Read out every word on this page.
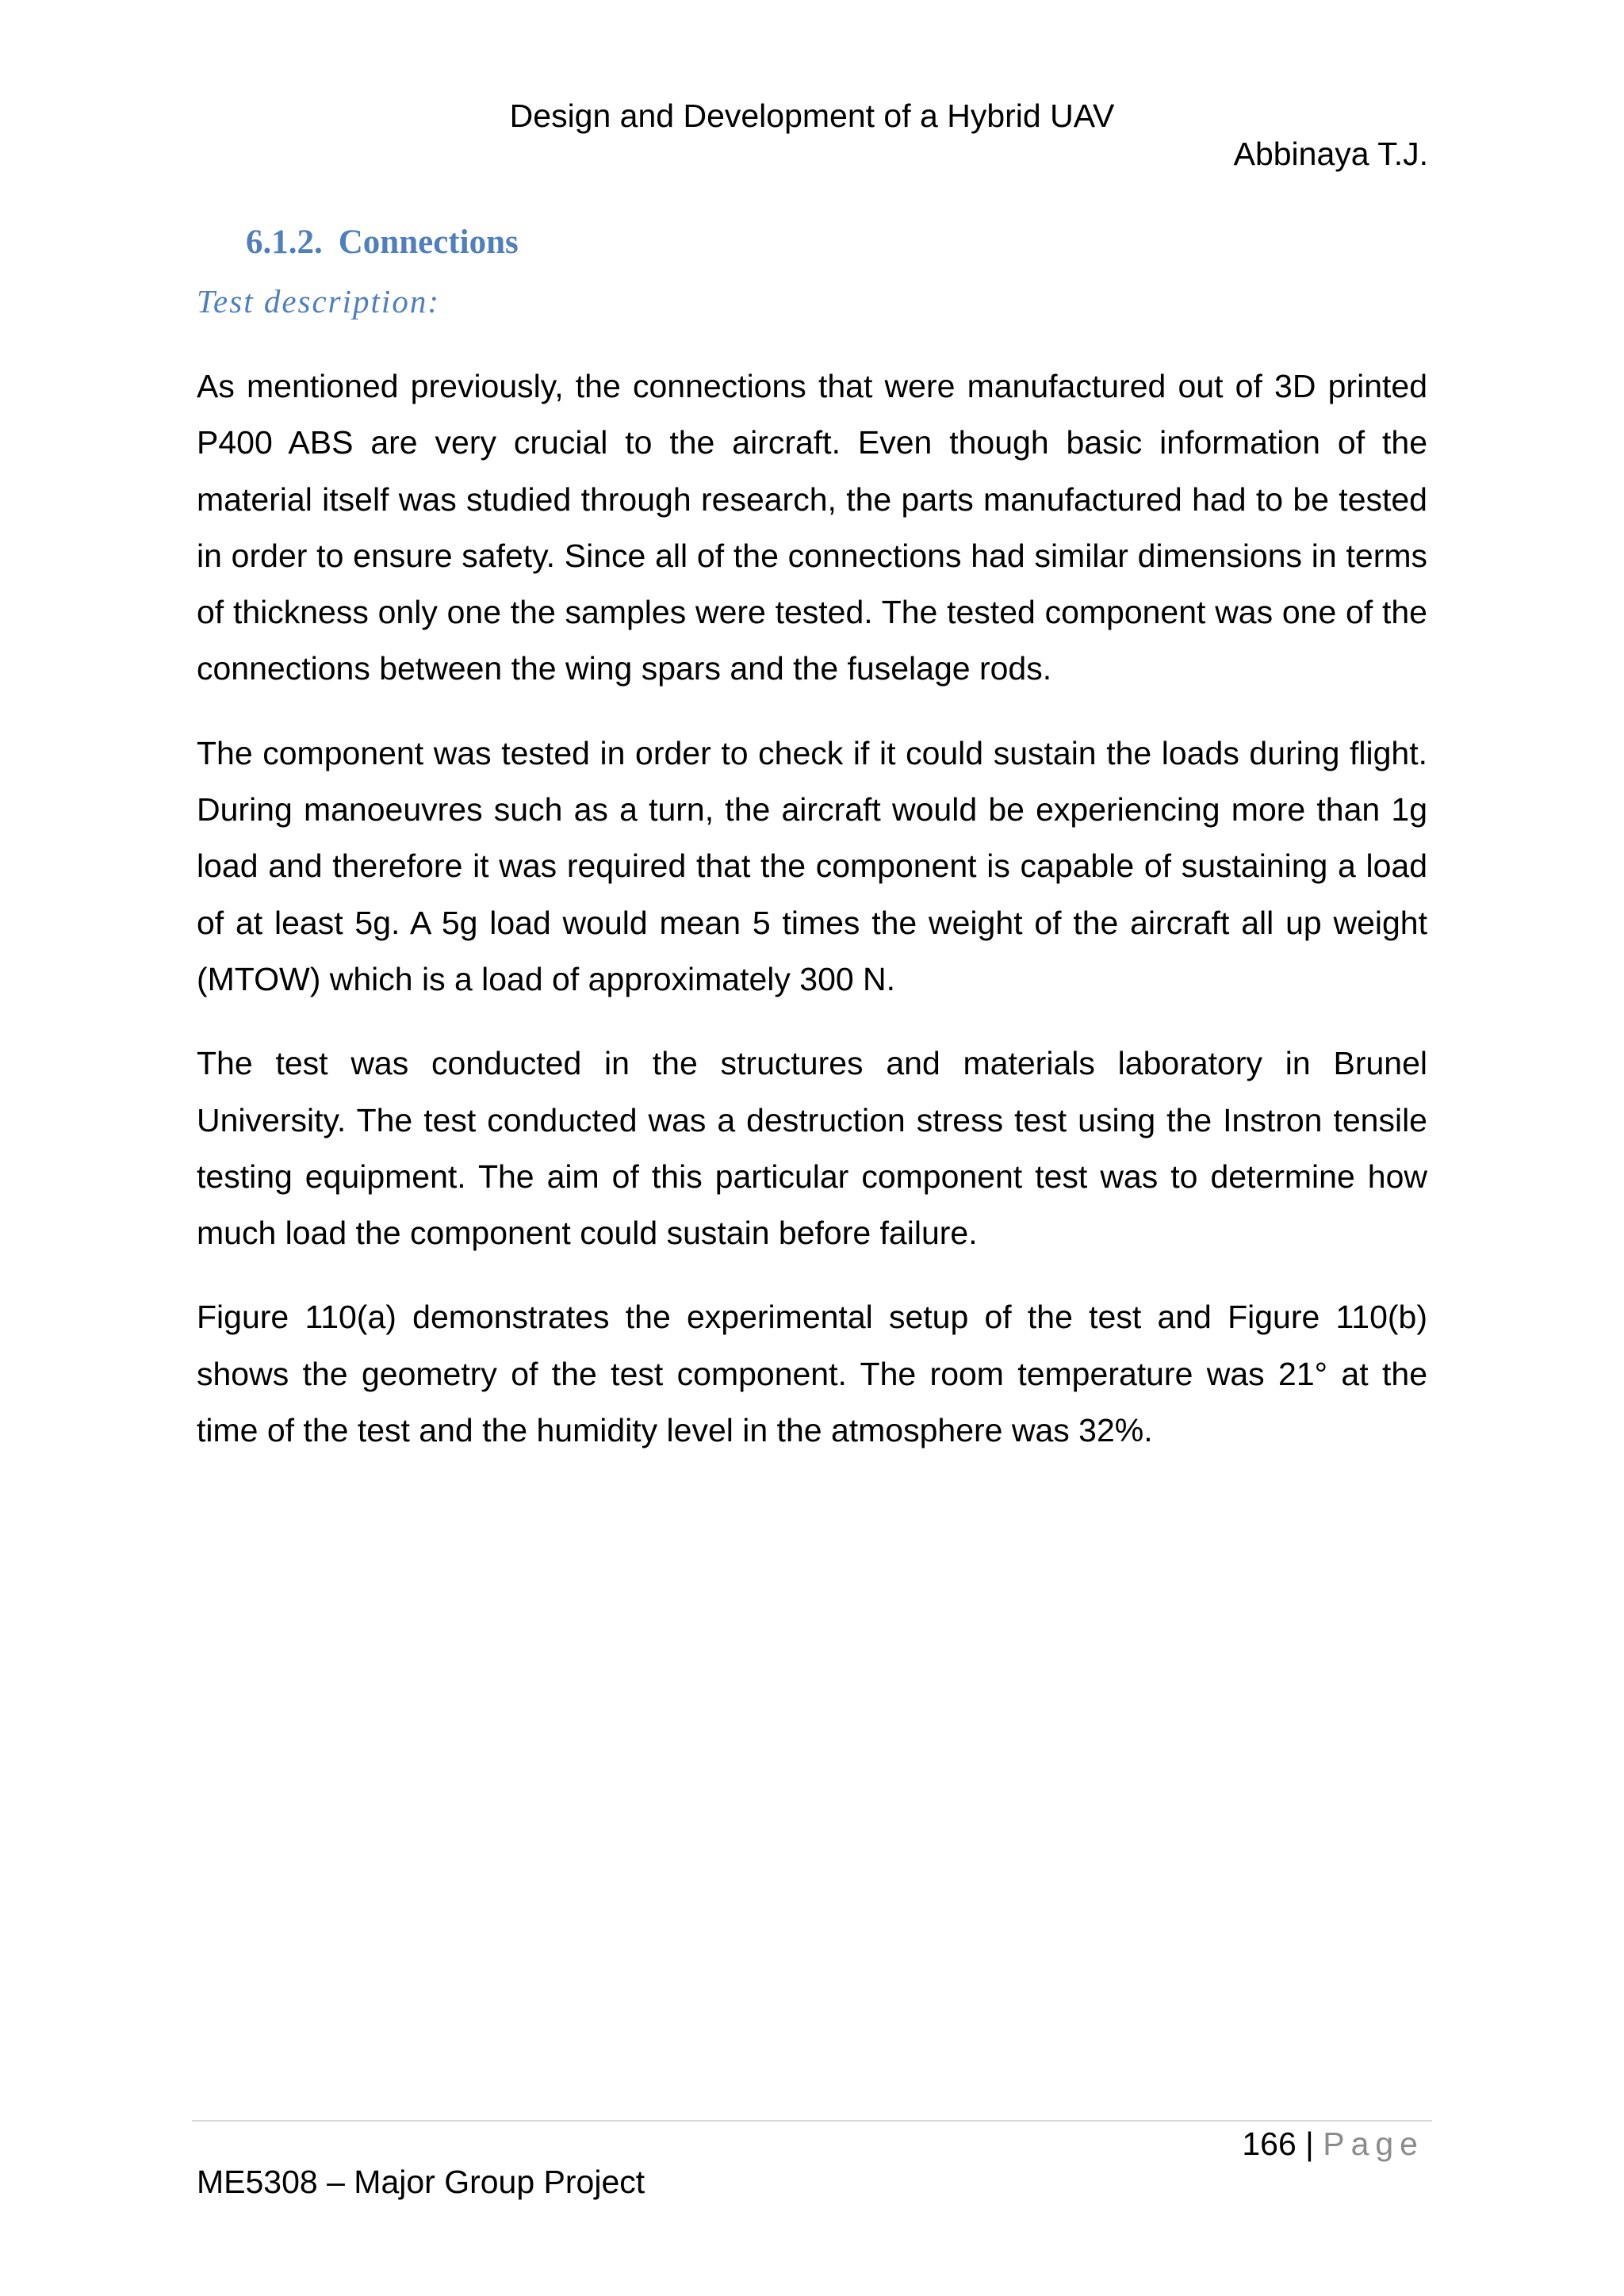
Design and Development of a Hybrid UAV
Abbinaya T.J.
6.1.2. Connections
Test description:

As mentioned previously, the connections that were manufactured out of 3D printed P400 ABS are very crucial to the aircraft. Even though basic information of the material itself was studied through research, the parts manufactured had to be tested in order to ensure safety. Since all of the connections had similar dimensions in terms of thickness only one the samples were tested. The tested component was one of the connections between the wing spars and the fuselage rods.

The component was tested in order to check if it could sustain the loads during flight. During manoeuvres such as a turn, the aircraft would be experiencing more than 1g load and therefore it was required that the component is capable of sustaining a load of at least 5g. A 5g load would mean 5 times the weight of the aircraft all up weight (MTOW) which is a load of approximately 300 N.

The test was conducted in the structures and materials laboratory in Brunel University. The test conducted was a destruction stress test using the Instron tensile testing equipment. The aim of this particular component test was to determine how much load the component could sustain before failure.

Figure 110(a) demonstrates the experimental setup of the test and Figure 110(b) shows the geometry of the test component. The room temperature was 21° at the time of the test and the humidity level in the atmosphere was 32%.

166 | Page
ME5308 – Major Group Project
